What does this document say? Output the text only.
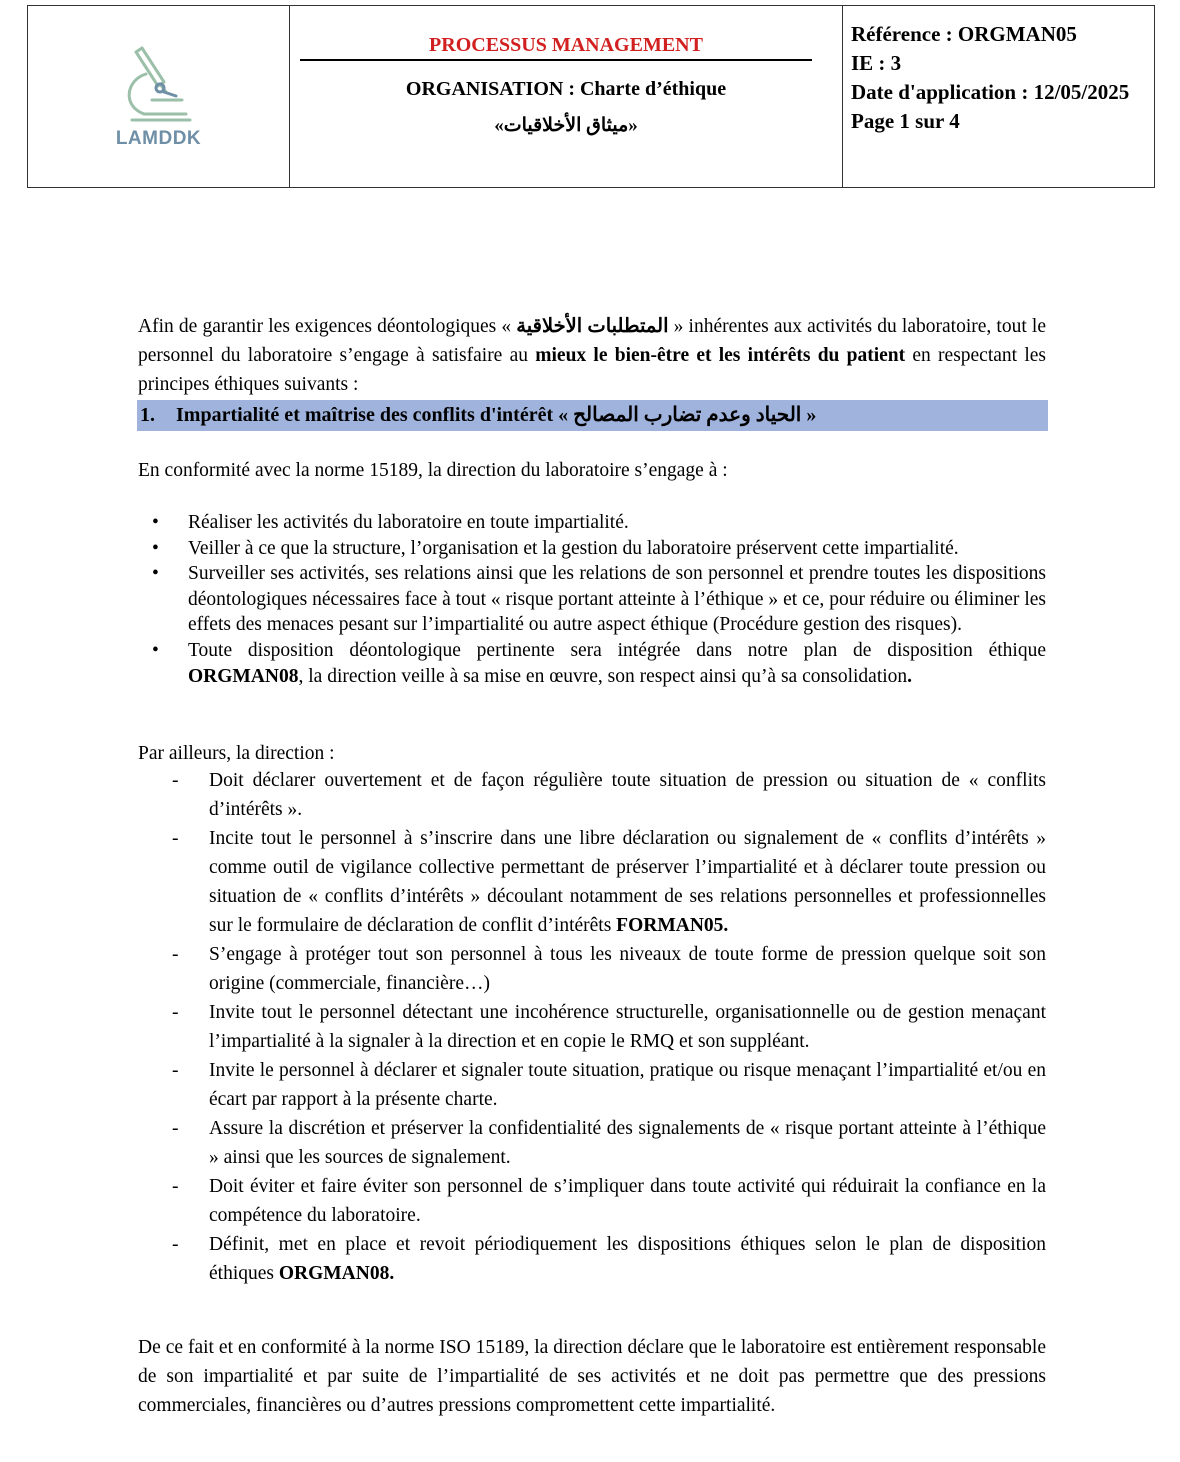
LAMDDK
PROCESSUS MANAGEMENT
ORGANISATION : Charte d’éthique
«ميثاق الأخلاقيات»
Référence : ORGMAN05
IE : 3
Date d'application : 12/05/2025
Page 1 sur 4

Afin de garantir les exigences déontologiques « المتطلبات الأخلاقية » inhérentes aux activités du laboratoire, tout le personnel du laboratoire s’engage à satisfaire au mieux le bien-être et les intérêts du patient en respectant les principes éthiques suivants :

1. Impartialité et maîtrise des conflits d'intérêt « الحياد وعدم تضارب المصالح »

En conformité avec la norme 15189, la direction du laboratoire s’engage à :

• Réaliser les activités du laboratoire en toute impartialité.
• Veiller à ce que la structure, l’organisation et la gestion du laboratoire préservent cette impartialité.
• Surveiller ses activités, ses relations ainsi que les relations de son personnel et prendre toutes les dispositions déontologiques nécessaires face à tout « risque portant atteinte à l’éthique » et ce, pour réduire ou éliminer les effets des menaces pesant sur l’impartialité ou autre aspect éthique (Procédure gestion des risques).
• Toute disposition déontologique pertinente sera intégrée dans notre plan de disposition éthique ORGMAN08, la direction veille à sa mise en œuvre, son respect ainsi qu’à sa consolidation.

Par ailleurs, la direction :

- Doit déclarer ouvertement et de façon régulière toute situation de pression ou situation de « conflits d’intérêts ».
- Incite tout le personnel à s’inscrire dans une libre déclaration ou signalement de « conflits d’intérêts » comme outil de vigilance collective permettant de préserver l’impartialité et à déclarer toute pression ou situation de « conflits d’intérêts » découlant notamment de ses relations personnelles et professionnelles sur le formulaire de déclaration de conflit d’intérêts FORMAN05.
- S’engage à protéger tout son personnel à tous les niveaux de toute forme de pression quelque soit son origine (commerciale, financière…)
- Invite tout le personnel détectant une incohérence structurelle, organisationnelle ou de gestion menaçant l’impartialité à la signaler à la direction et en copie le RMQ et son suppléant.
- Invite le personnel à déclarer et signaler toute situation, pratique ou risque menaçant l’impartialité et/ou en écart par rapport à la présente charte.
- Assure la discrétion et préserver la confidentialité des signalements de « risque portant atteinte à l’éthique » ainsi que les sources de signalement.
- Doit éviter et faire éviter son personnel de s’impliquer dans toute activité qui réduirait la confiance en la compétence du laboratoire.
- Définit, met en place et revoit périodiquement les dispositions éthiques selon le plan de disposition éthiques ORGMAN08.

De ce fait et en conformité à la norme ISO 15189, la direction déclare que le laboratoire est entièrement responsable de son impartialité et par suite de l’impartialité de ses activités et ne doit pas permettre que des pressions commerciales, financières ou d’autres pressions compromettent cette impartialité.
